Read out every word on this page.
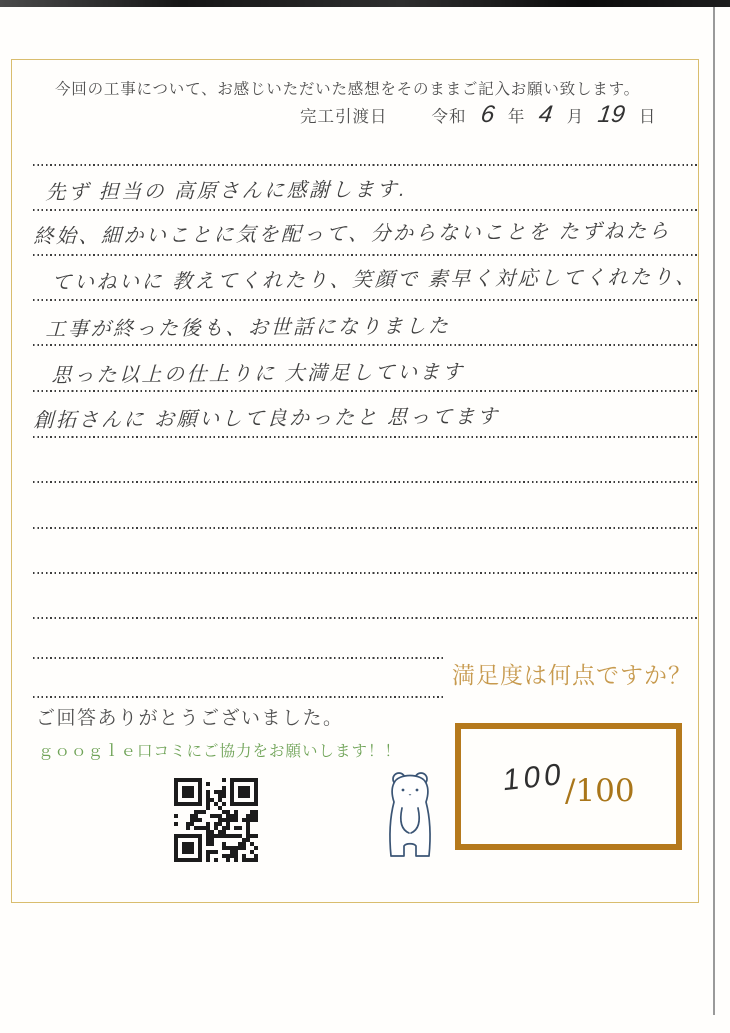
今回の工事について、お感じいただいた感想をそのままご記入お願い致します。
完工引渡日	令和 6 年 4 月 19 日
先ず 担当の 高原さんに感謝します.
終始、細かいことに気を配って、分からないことを たずねたら
ていねいに 教えてくれたり、笑顔で 素早く対応してくれたり、
工事が終った後も、お世話になりました
思った以上の仕上りに 大満足しています
創拓さんに お願いして良かったと 思ってます
満足度は何点ですか？
ご回答ありがとうございました。
ｇｏｏｇｌｅ口コミにご協力をお願いします！！
100
/100
